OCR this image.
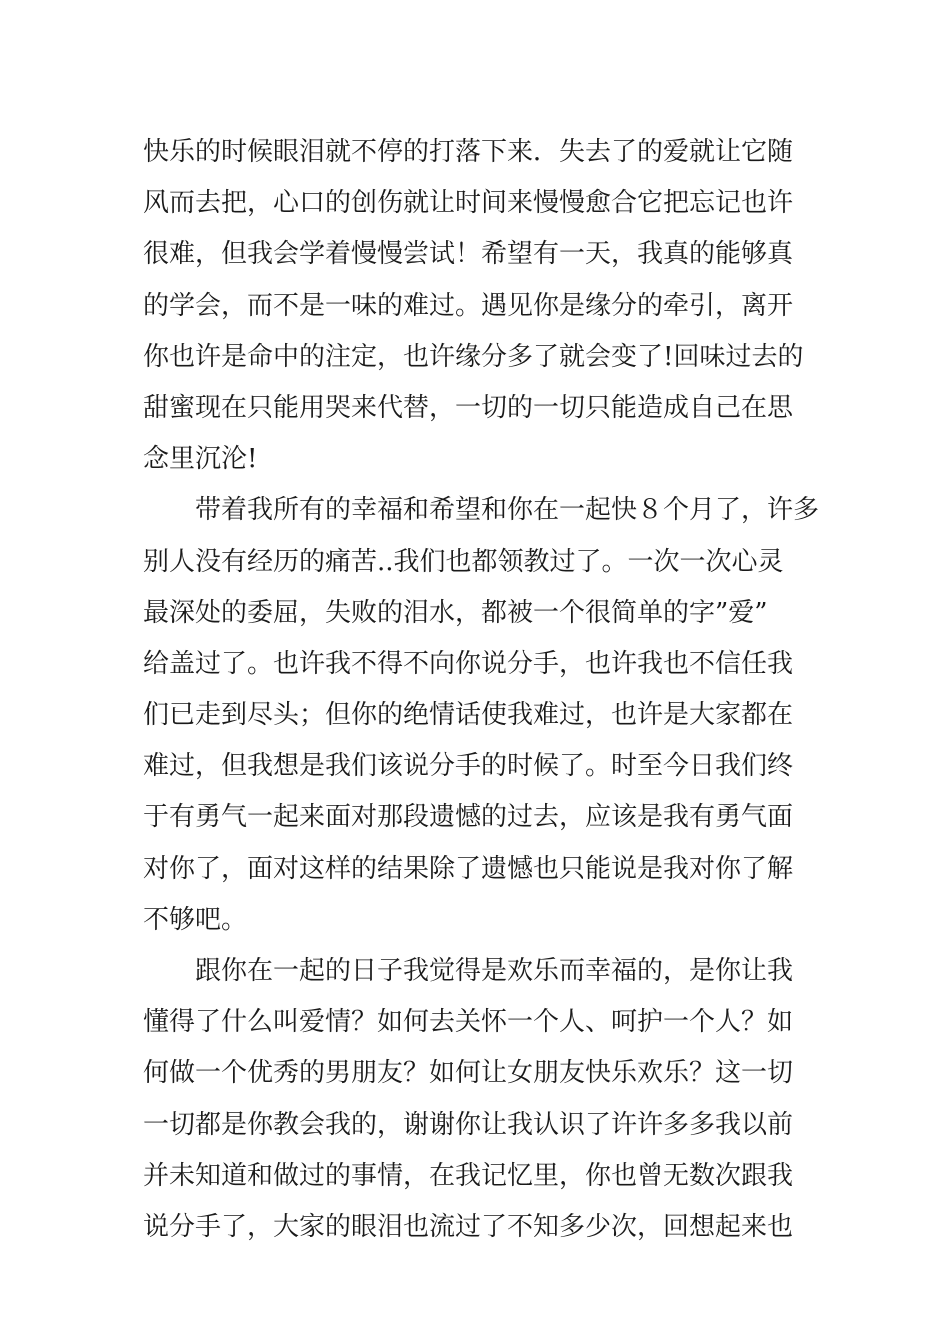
快乐的时候眼泪就不停的打落下来．失去了的爱就让它随
风而去把，心口的创伤就让时间来慢慢愈合它把忘记也许
很难，但我会学着慢慢尝试！希望有一天，我真的能够真
的学会，而不是一味的难过。遇见你是缘分的牵引，离开
你也许是命中的注定，也许缘分多了就会变了!回味过去的
甜蜜现在只能用哭来代替，一切的一切只能造成自己在思
念里沉沦!
带着我所有的幸福和希望和你在一起快８个月了，许多
别人没有经历的痛苦..我们也都领教过了。一次一次心灵
最深处的委屈，失败的泪水，都被一个很简单的字”爱”
给盖过了。也许我不得不向你说分手，也许我也不信任我
们已走到尽头；但你的绝情话使我难过，也许是大家都在
难过，但我想是我们该说分手的时候了。时至今日我们终
于有勇气一起来面对那段遗憾的过去，应该是我有勇气面
对你了，面对这样的结果除了遗憾也只能说是我对你了解
不够吧。
跟你在一起的日子我觉得是欢乐而幸福的，是你让我
懂得了什么叫爱情？如何去关怀一个人、呵护一个人？如
何做一个优秀的男朋友？如何让女朋友快乐欢乐？这一切
一切都是你教会我的，谢谢你让我认识了许许多多我以前
并未知道和做过的事情，在我记忆里，你也曾无数次跟我
说分手了，大家的眼泪也流过了不知多少次，回想起来也
